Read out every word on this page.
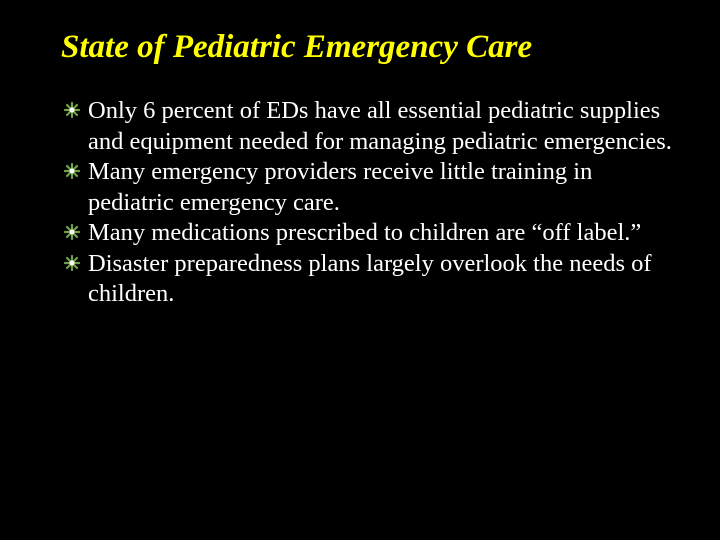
State of Pediatric Emergency Care
Only 6 percent of EDs have all essential pediatric supplies and equipment needed for managing pediatric emergencies.
Many emergency providers receive little training in pediatric emergency care.
Many medications prescribed to children are “off label.”
Disaster preparedness plans largely overlook the needs of children.
